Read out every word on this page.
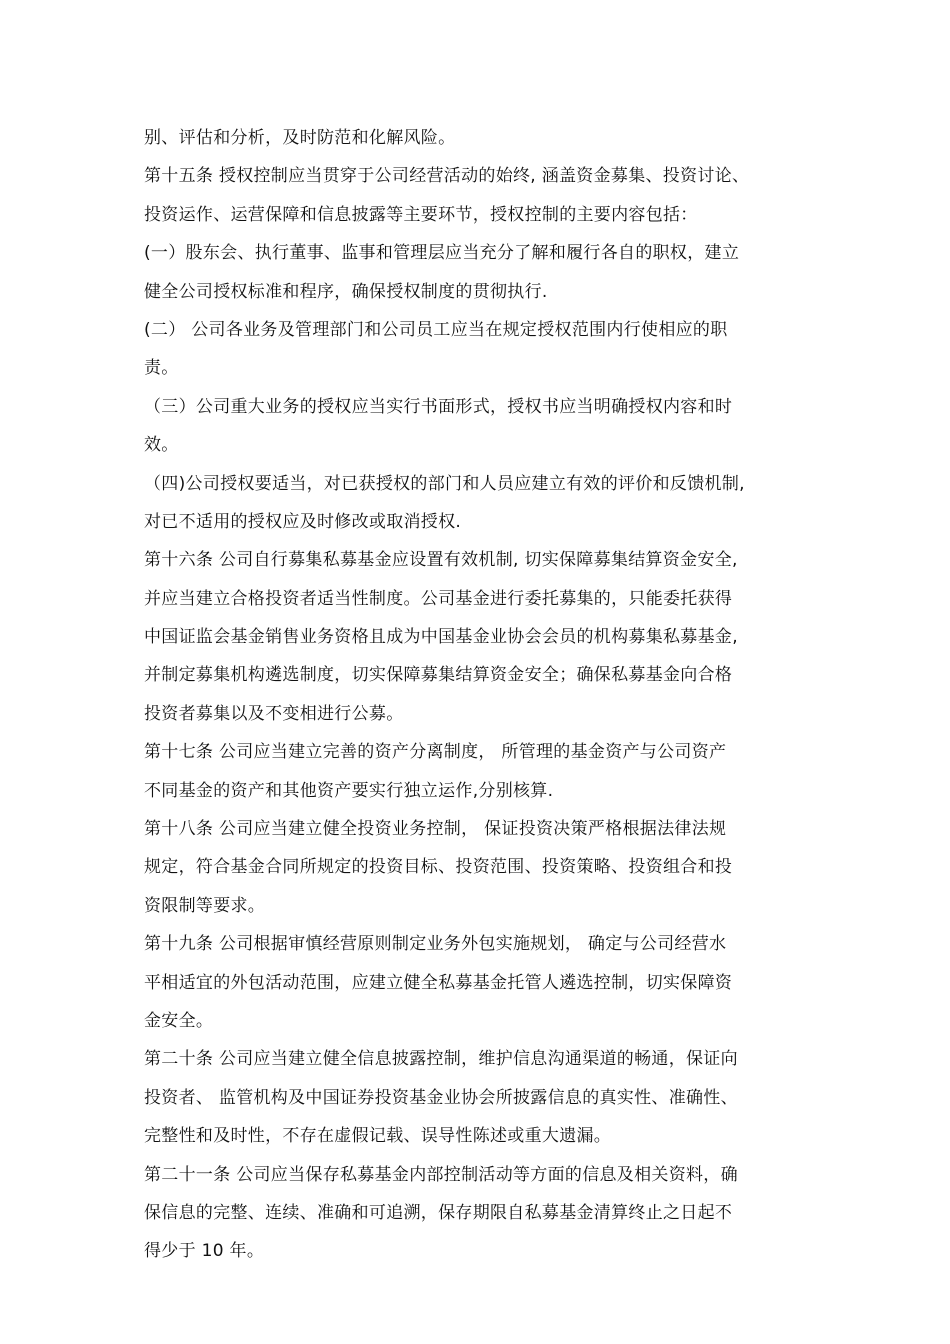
别、评估和分析，及时防范和化解风险。
第十五条 授权控制应当贯穿于公司经营活动的始终, 涵盖资金募集、投资讨论、
投资运作、运营保障和信息披露等主要环节，授权控制的主要内容包括：
(一）股东会、执行董事、监事和管理层应当充分了解和履行各自的职权，建立
健全公司授权标准和程序，确保授权制度的贯彻执行.
(二） 公司各业务及管理部门和公司员工应当在规定授权范围内行使相应的职
责。
（三）公司重大业务的授权应当实行书面形式，授权书应当明确授权内容和时
效。
（四)公司授权要适当，对已获授权的部门和人员应建立有效的评价和反馈机制,
对已不适用的授权应及时修改或取消授权.
第十六条 公司自行募集私募基金应设置有效机制, 切实保障募集结算资金安全,
并应当建立合格投资者适当性制度。公司基金进行委托募集的，只能委托获得
中国证监会基金销售业务资格且成为中国基金业协会会员的机构募集私募基金,
并制定募集机构遴选制度，切实保障募集结算资金安全；确保私募基金向合格
投资者募集以及不变相进行公募。
第十七条 公司应当建立完善的资产分离制度， 所管理的基金资产与公司资产
不同基金的资产和其他资产要实行独立运作,分别核算.
第十八条 公司应当建立健全投资业务控制， 保证投资决策严格根据法律法规
规定，符合基金合同所规定的投资目标、投资范围、投资策略、投资组合和投
资限制等要求。
第十九条 公司根据审慎经营原则制定业务外包实施规划， 确定与公司经营水
平相适宜的外包活动范围，应建立健全私募基金托管人遴选控制，切实保障资
金安全。
第二十条 公司应当建立健全信息披露控制，维护信息沟通渠道的畅通，保证向
投资者、 监管机构及中国证券投资基金业协会所披露信息的真实性、准确性、
完整性和及时性，不存在虚假记载、误导性陈述或重大遗漏。
第二十一条 公司应当保存私募基金内部控制活动等方面的信息及相关资料，确
保信息的完整、连续、准确和可追溯，保存期限自私募基金清算终止之日起不
得少于 10 年。
